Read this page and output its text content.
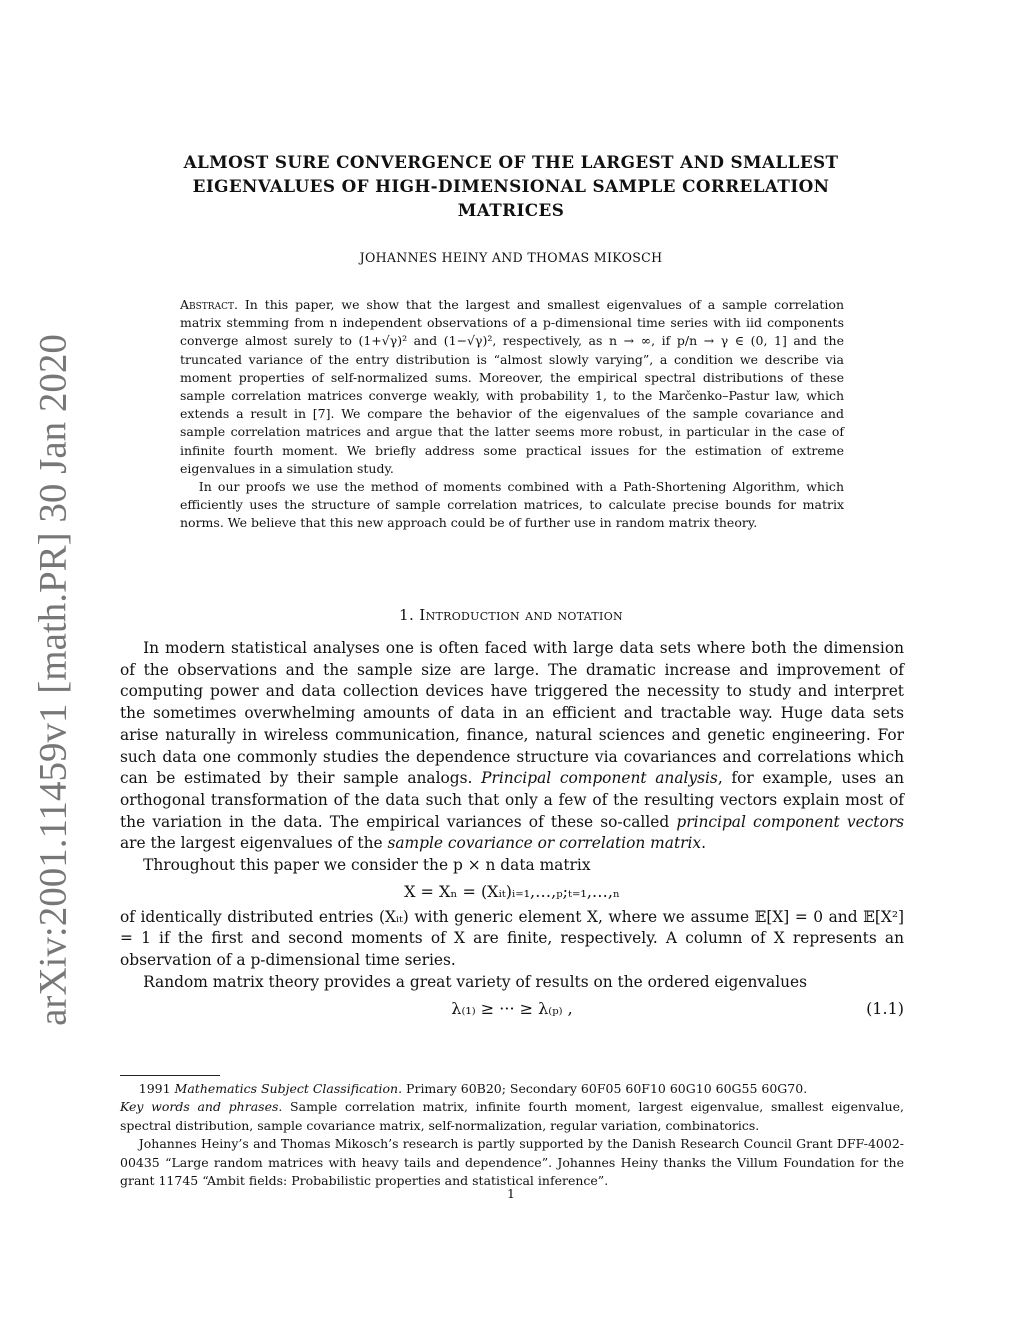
arXiv:2001.11459v1 [math.PR] 30 Jan 2020
ALMOST SURE CONVERGENCE OF THE LARGEST AND SMALLEST
EIGENVALUES OF HIGH-DIMENSIONAL SAMPLE CORRELATION
MATRICES
JOHANNES HEINY AND THOMAS MIKOSCH

Abstract. In this paper, we show that the largest and smallest eigenvalues of a sample correlation matrix stemming from n independent observations of a p-dimensional time series with iid components converge almost surely to (1+√γ)² and (1−√γ)², respectively, as n → ∞, if p/n → γ ∈ (0, 1] and the truncated variance of the entry distribution is “almost slowly varying”, a condition we describe via moment properties of self-normalized sums. Moreover, the empirical spectral distributions of these sample correlation matrices converge weakly, with probability 1, to the Marčenko–Pastur law, which extends a result in [7]. We compare the behavior of the eigenvalues of the sample covariance and sample correlation matrices and argue that the latter seems more robust, in particular in the case of infinite fourth moment. We briefly address some practical issues for the estimation of extreme eigenvalues in a simulation study.

In our proofs we use the method of moments combined with a Path-Shortening Algorithm, which efficiently uses the structure of sample correlation matrices, to calculate precise bounds for matrix norms. We believe that this new approach could be of further use in random matrix theory.

1. Introduction and notation

In modern statistical analyses one is often faced with large data sets where both the dimension of the observations and the sample size are large. The dramatic increase and improvement of computing power and data collection devices have triggered the necessity to study and interpret the sometimes overwhelming amounts of data in an efficient and tractable way. Huge data sets arise naturally in wireless communication, finance, natural sciences and genetic engineering. For such data one commonly studies the dependence structure via covariances and correlations which can be estimated by their sample analogs. Principal component analysis, for example, uses an orthogonal transformation of the data such that only a few of the resulting vectors explain most of the variation in the data. The empirical variances of these so-called principal component vectors are the largest eigenvalues of the sample covariance or correlation matrix.

Throughout this paper we consider the p × n data matrix

X = Xₙ = (Xᵢₜ)ᵢ₌₁,…,ₚ;ₜ₌₁,…,ₙ

of identically distributed entries (Xᵢₜ) with generic element X, where we assume 𝔼[X] = 0 and 𝔼[X²] = 1 if the first and second moments of X are finite, respectively. A column of X represents an observation of a p-dimensional time series.

Random matrix theory provides a great variety of results on the ordered eigenvalues

λ₍₁₎ ≥ ··· ≥ λ₍ₚ₎ ,	(1.1)

1991 Mathematics Subject Classification. Primary 60B20; Secondary 60F05 60F10 60G10 60G55 60G70.

Key words and phrases. Sample correlation matrix, infinite fourth moment, largest eigenvalue, smallest eigenvalue, spectral distribution, sample covariance matrix, self-normalization, regular variation, combinatorics.

Johannes Heiny’s and Thomas Mikosch’s research is partly supported by the Danish Research Council Grant DFF-4002-00435 “Large random matrices with heavy tails and dependence”. Johannes Heiny thanks the Villum Foundation for the grant 11745 “Ambit fields: Probabilistic properties and statistical inference”.

1
